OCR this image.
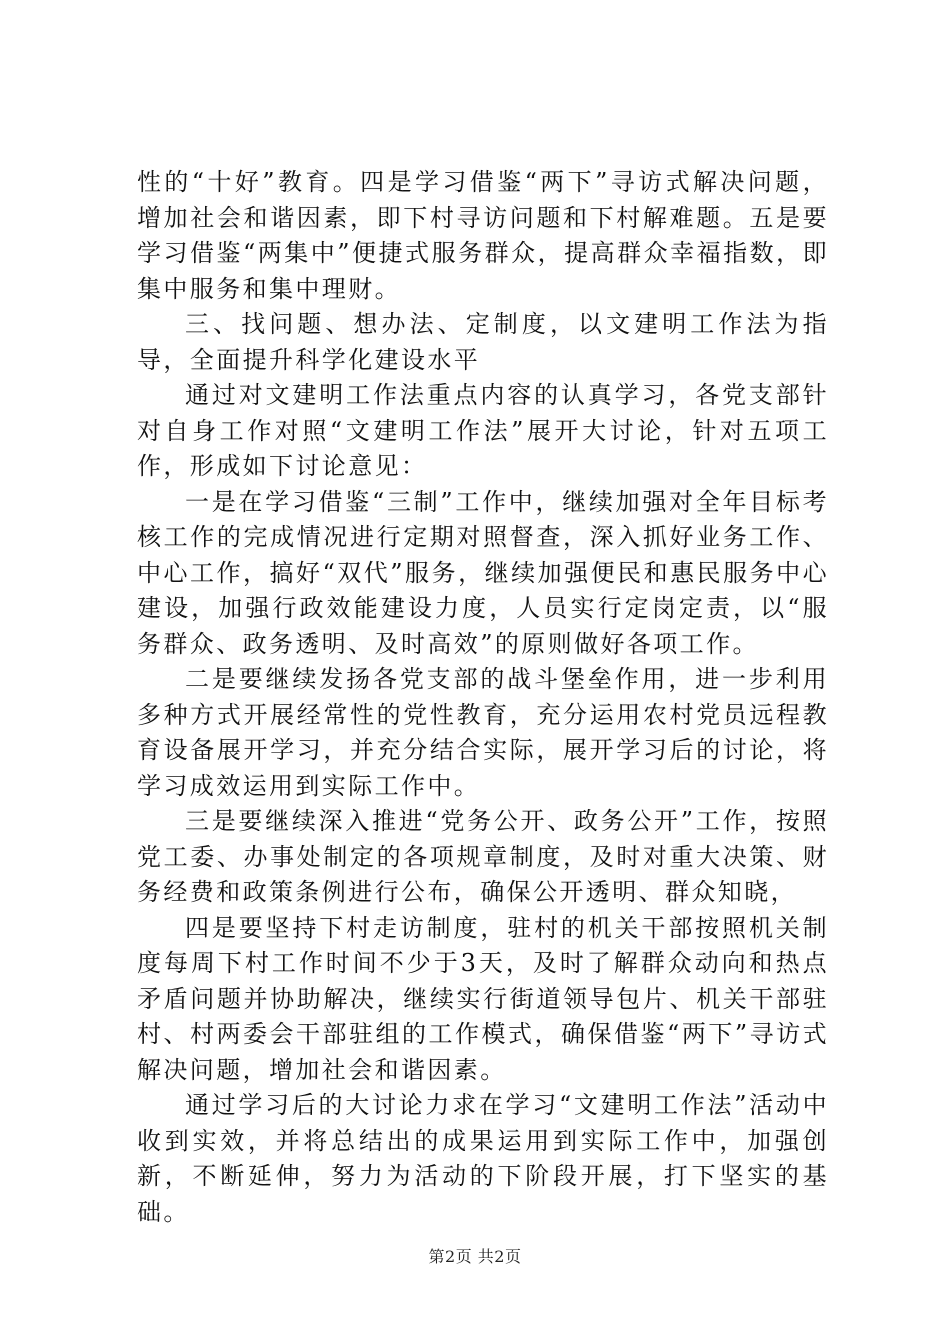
性的“十好”教育。四是学习借鉴“两下”寻访式解决问题，增加社会和谐因素，即下村寻访问题和下村解难题。五是要学习借鉴“两集中”便捷式服务群众，提高群众幸福指数，即集中服务和集中理财。

三、找问题、想办法、定制度，以文建明工作法为指导，全面提升科学化建设水平

通过对文建明工作法重点内容的认真学习，各党支部针对自身工作对照“文建明工作法”展开大讨论，针对五项工作，形成如下讨论意见：

一是在学习借鉴“三制”工作中，继续加强对全年目标考核工作的完成情况进行定期对照督查，深入抓好业务工作、中心工作，搞好“双代”服务，继续加强便民和惠民服务中心建设，加强行政效能建设力度，人员实行定岗定责，以“服务群众、政务透明、及时高效”的原则做好各项工作。

二是要继续发扬各党支部的战斗堡垒作用，进一步利用多种方式开展经常性的党性教育，充分运用农村党员远程教育设备展开学习，并充分结合实际，展开学习后的讨论，将学习成效运用到实际工作中。

三是要继续深入推进“党务公开、政务公开”工作，按照党工委、办事处制定的各项规章制度，及时对重大决策、财务经费和政策条例进行公布，确保公开透明、群众知晓，

四是要坚持下村走访制度，驻村的机关干部按照机关制度每周下村工作时间不少于3天，及时了解群众动向和热点矛盾问题并协助解决，继续实行街道领导包片、机关干部驻村、村两委会干部驻组的工作模式，确保借鉴“两下”寻访式解决问题，增加社会和谐因素。

通过学习后的大讨论力求在学习“文建明工作法”活动中收到实效，并将总结出的成果运用到实际工作中，加强创新，不断延伸，努力为活动的下阶段开展，打下坚实的基础。

第2页 共2页
